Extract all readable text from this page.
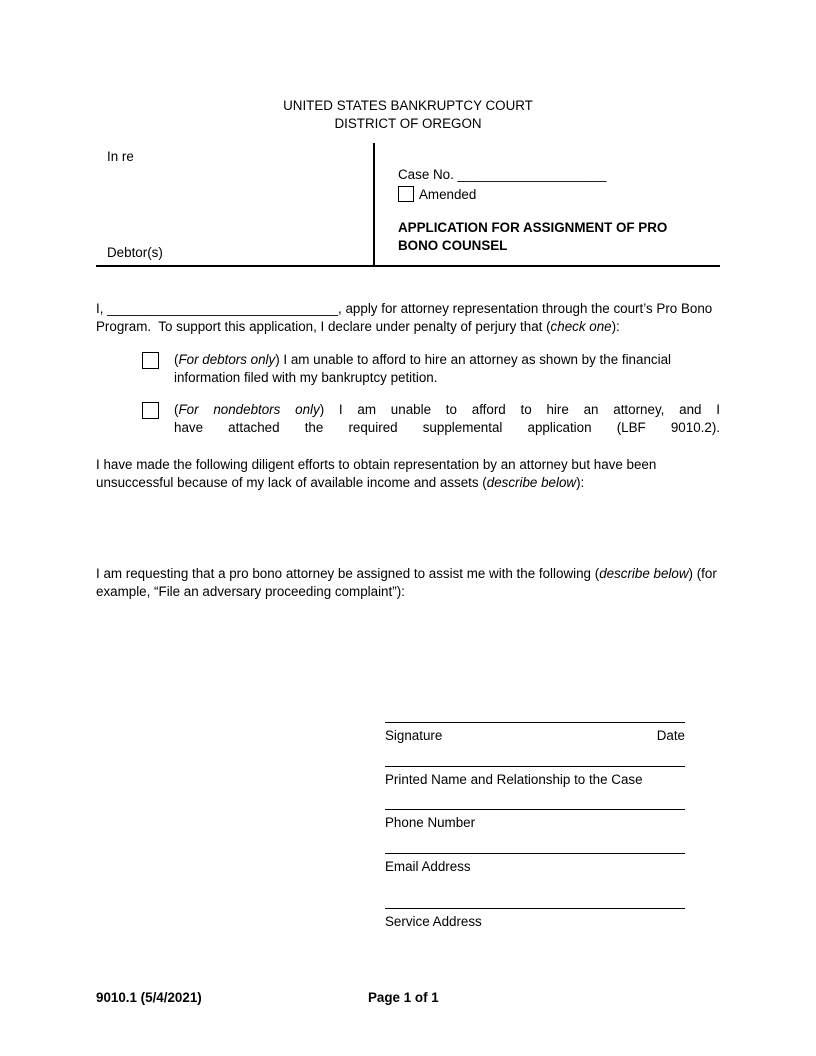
UNITED STATES BANKRUPTCY COURT
DISTRICT OF OREGON
In re
Debtor(s)
Case No. ____________________
Amended
APPLICATION FOR ASSIGNMENT OF PRO
BONO COUNSEL

I, _______________________________, apply for attorney representation through the court’s Pro Bono Program.  To support this application, I declare under penalty of perjury that (check one):

(For debtors only) I am unable to afford to hire an attorney as shown by the financial information filed with my bankruptcy petition.

(For nondebtors only) I am unable to afford to hire an attorney, and I
have attached the required supplemental application (LBF 9010.2).

I have made the following diligent efforts to obtain representation by an attorney but have been unsuccessful because of my lack of available income and assets (describe below):

I am requesting that a pro bono attorney be assigned to assist me with the following (describe below) (for example, “File an adversary proceeding complaint”):

Signature	Date
Printed Name and Relationship to the Case
Phone Number
Email Address
Service Address
9010.1 (5/4/2021)	Page 1 of 1
